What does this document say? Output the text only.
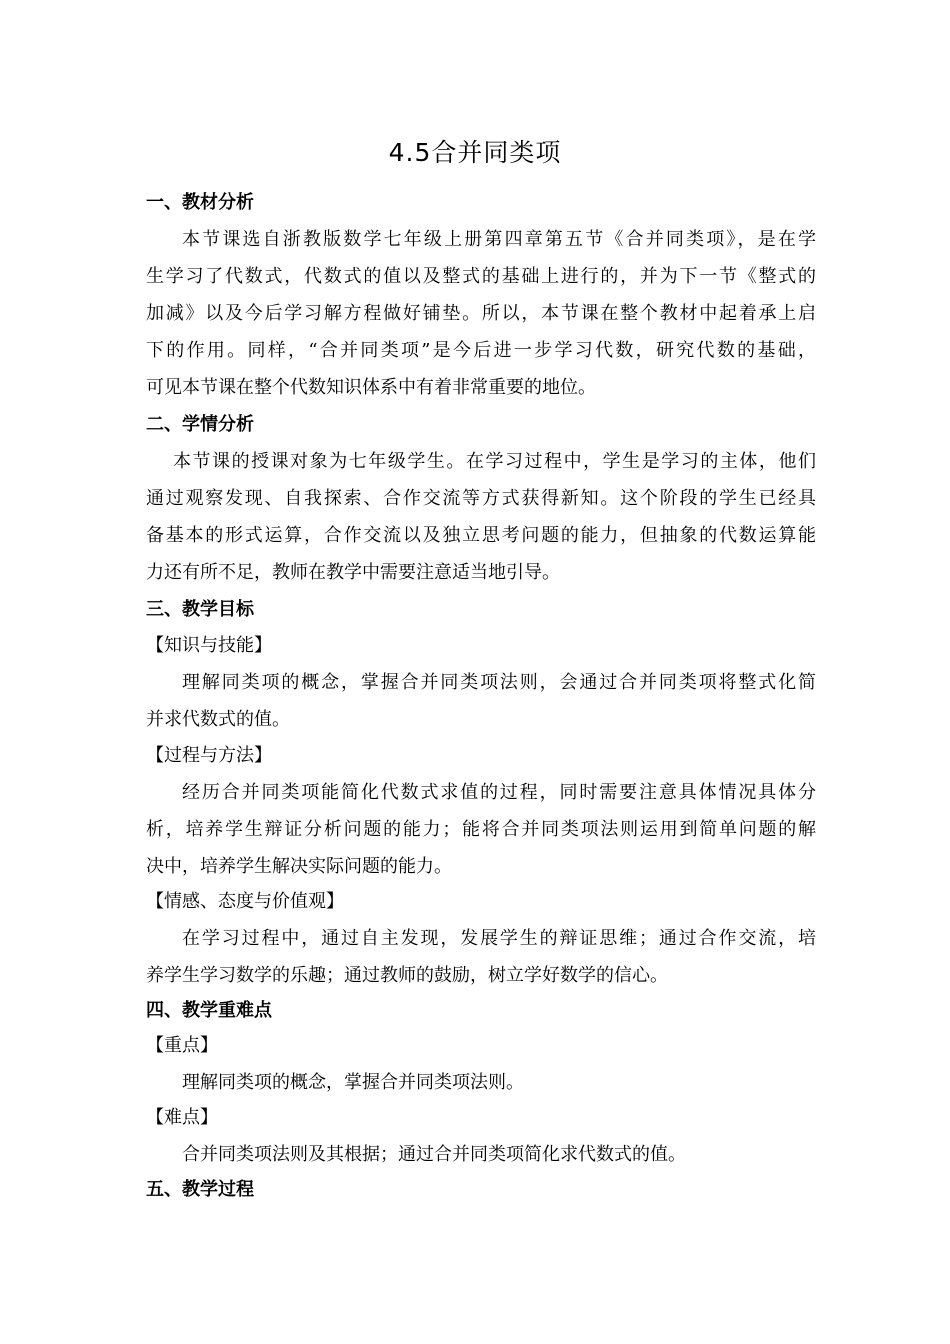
4.5合并同类项
一、教材分析
本节课选自浙教版数学七年级上册第四章第五节《合并同类项》，是在学
生学习了代数式，代数式的值以及整式的基础上进行的，并为下一节《整式的
加减》以及今后学习解方程做好铺垫。所以，本节课在整个教材中起着承上启
下的作用。同样，“合并同类项”是今后进一步学习代数，研究代数的基础，
可见本节课在整个代数知识体系中有着非常重要的地位。
二、学情分析
本节课的授课对象为七年级学生。在学习过程中，学生是学习的主体，他们
通过观察发现、自我探索、合作交流等方式获得新知。这个阶段的学生已经具
备基本的形式运算，合作交流以及独立思考问题的能力，但抽象的代数运算能
力还有所不足，教师在教学中需要注意适当地引导。
三、教学目标
【知识与技能】
理解同类项的概念，掌握合并同类项法则，会通过合并同类项将整式化简
并求代数式的值。
【过程与方法】
经历合并同类项能简化代数式求值的过程，同时需要注意具体情况具体分
析，培养学生辩证分析问题的能力；能将合并同类项法则运用到简单问题的解
决中，培养学生解决实际问题的能力。
【情感、态度与价值观】
在学习过程中，通过自主发现，发展学生的辩证思维；通过合作交流，培
养学生学习数学的乐趣；通过教师的鼓励，树立学好数学的信心。
四、教学重难点
【重点】
理解同类项的概念，掌握合并同类项法则。
【难点】
合并同类项法则及其根据；通过合并同类项简化求代数式的值。
五、教学过程
